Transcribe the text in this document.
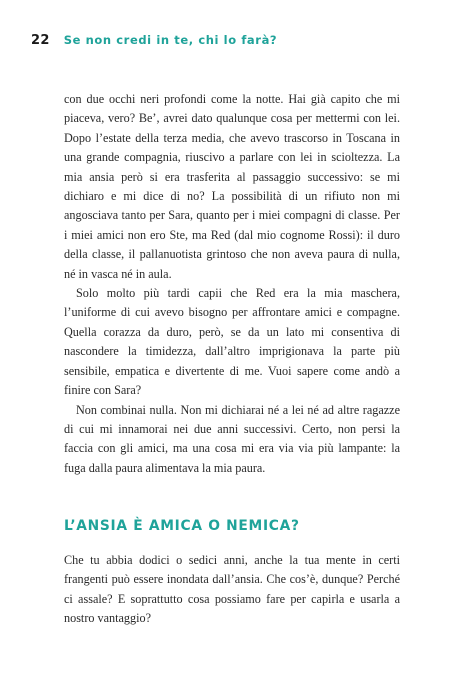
22 Se non credi in te, chi lo farà?

con due occhi neri profondi come la notte. Hai già capito che mi piaceva, vero? Be’, avrei dato qualunque cosa per mettermi con lei. Dopo l’estate della terza media, che avevo trascorso in Toscana in una grande compagnia, riuscivo a parlare con lei in scioltezza. La mia ansia però si era trasferita al passaggio successivo: se mi dichiaro e mi dice di no? La possibilità di un rifiuto non mi angosciava tanto per Sara, quanto per i miei compagni di classe. Per i miei amici non ero Ste, ma Red (dal mio cognome Rossi): il duro della classe, il pallanuotista grintoso che non aveva paura di nulla, né in vasca né in aula.

Solo molto più tardi capii che Red era la mia maschera, l’uniforme di cui avevo bisogno per affrontare amici e compagne. Quella corazza da duro, però, se da un lato mi consentiva di nascondere la timidezza, dall’altro imprigionava la parte più sensibile, empatica e divertente di me. Vuoi sapere come andò a finire con Sara?

Non combinai nulla. Non mi dichiarai né a lei né ad altre ragazze di cui mi innamorai nei due anni successivi. Certo, non persi la faccia con gli amici, ma una cosa mi era via via più lampante: la fuga dalla paura alimentava la mia paura.

L’ANSIA È AMICA O NEMICA?

Che tu abbia dodici o sedici anni, anche la tua mente in certi frangenti può essere inondata dall’ansia. Che cos’è, dunque? Perché ci assale? E soprattutto cosa possiamo fare per capirla e usarla a nostro vantaggio?
